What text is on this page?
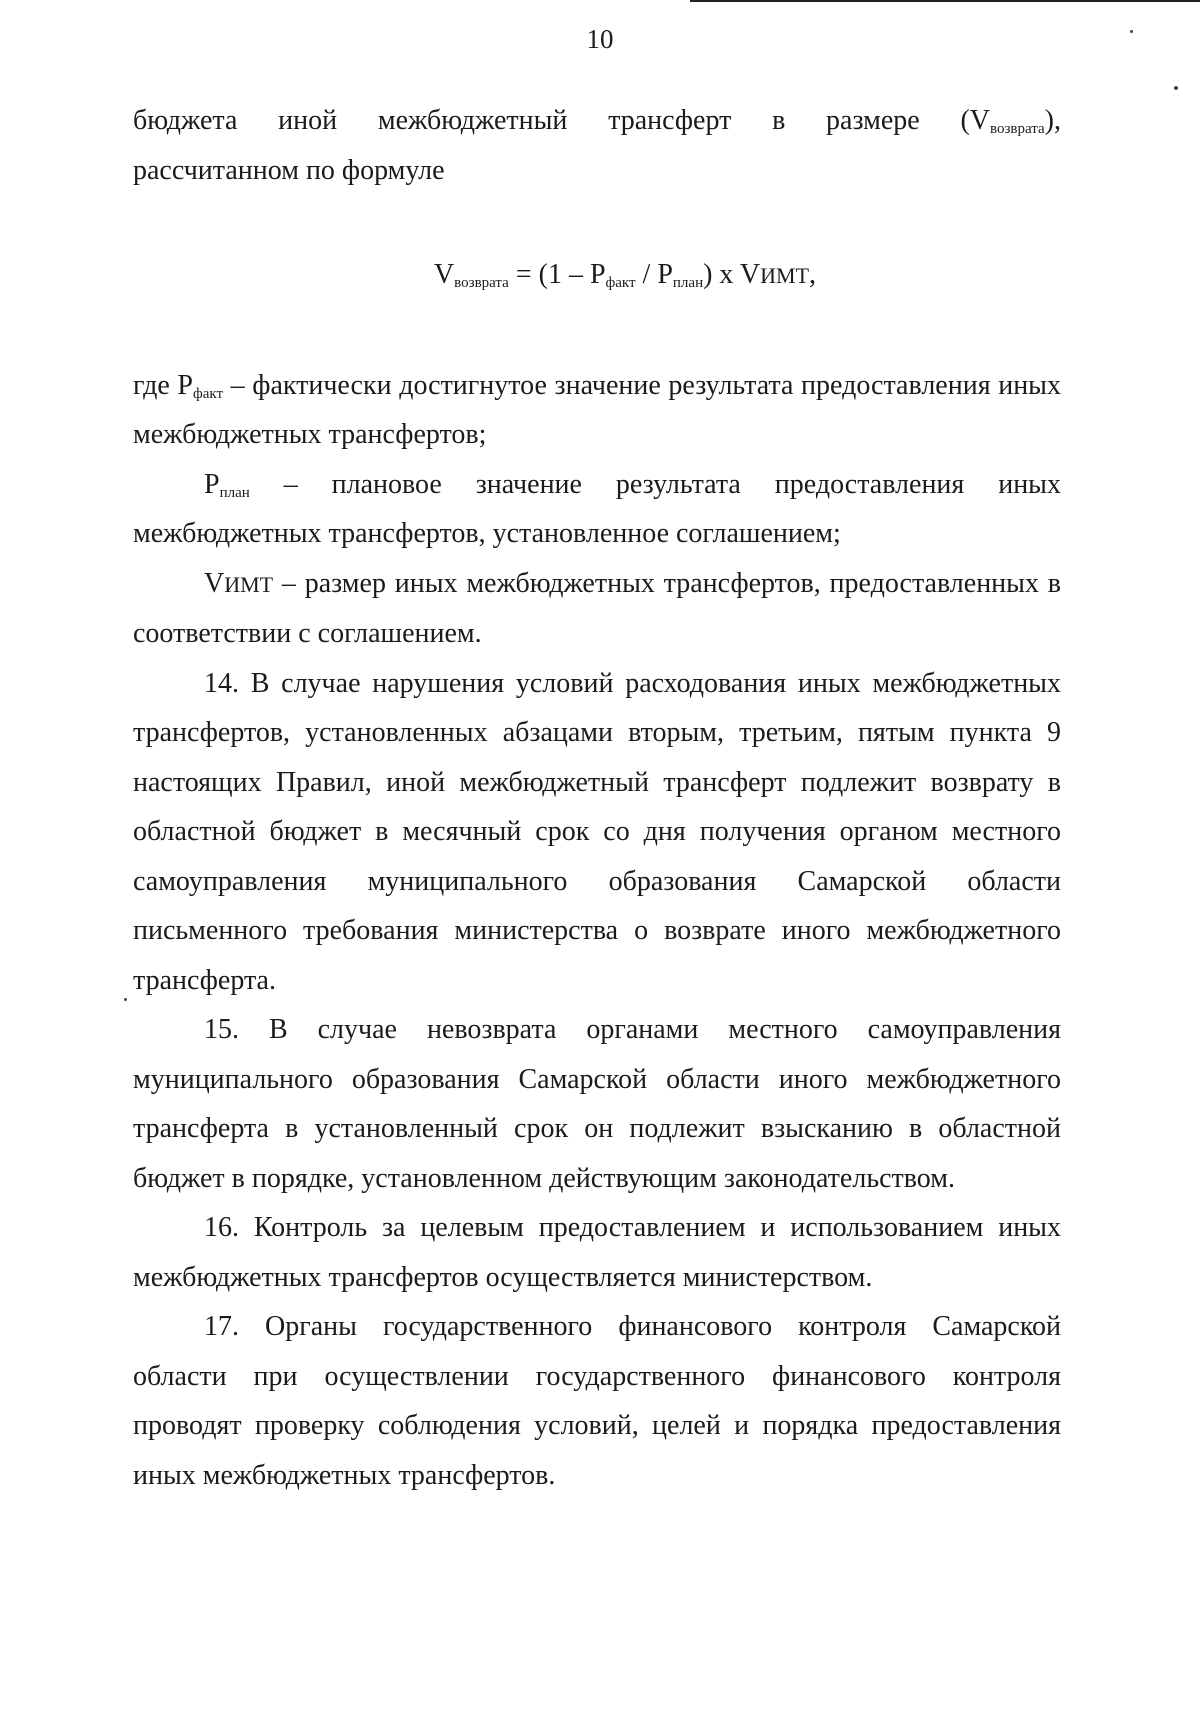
10

бюджета иной межбюджетный трансферт в размере $(V_{возврата})$,
рассчитанном по формуле

$V_{возврата} = (1 - P_{факт} / P_{план})$ x VИМТ,

где $P_{факт}$ – фактически достигнутое значение результата предоставления иных межбюджетных трансфертов;

$P_{план}$ – плановое значение результата предоставления иных межбюджетных трансфертов, установленное соглашением;

VИМТ – размер иных межбюджетных трансфертов, предоставленных в соответствии с соглашением.

14. В случае нарушения условий расходования иных межбюджетных трансфертов, установленных абзацами вторым, третьим, пятым пункта 9 настоящих Правил, иной межбюджетный трансферт подлежит возврату в областной бюджет в месячный срок со дня получения органом местного самоуправления муниципального образования Самарской области письменного требования министерства о возврате иного межбюджетного трансферта.

15. В случае невозврата органами местного самоуправления муниципального образования Самарской области иного межбюджетного трансферта в установленный срок он подлежит взысканию в областной бюджет в порядке, установленном действующим законодательством.

16. Контроль за целевым предоставлением и использованием иных межбюджетных трансфертов осуществляется министерством.

17. Органы государственного финансового контроля Самарской области при осуществлении государственного финансового контроля проводят проверку соблюдения условий, целей и порядка предоставления иных межбюджетных трансфертов.
